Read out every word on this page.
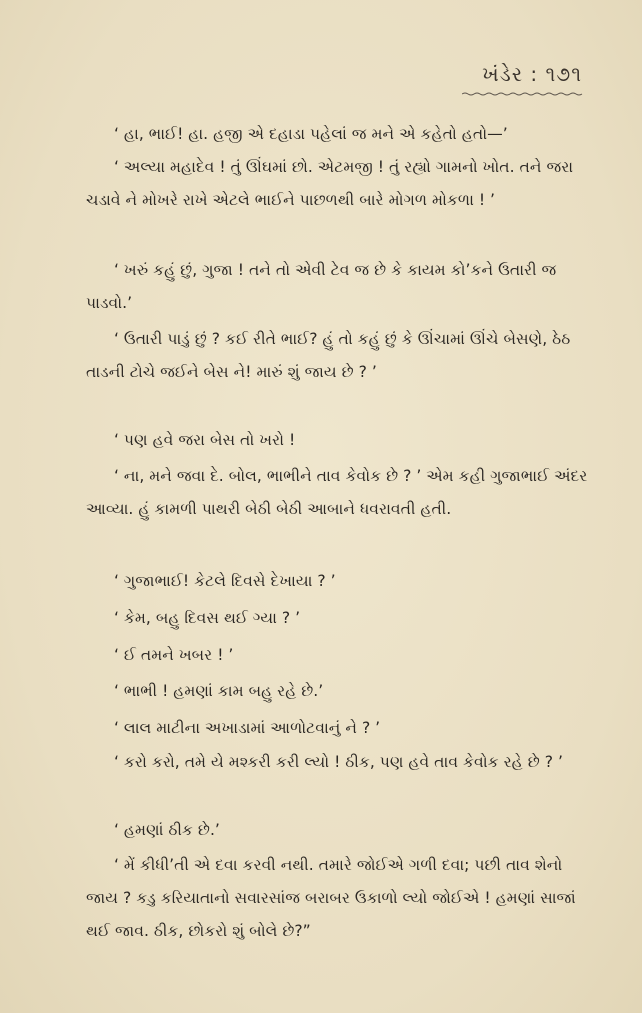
ખંડેર : ૧૭૧

‘ હા, ભાઈ! હા. હજી એ દહાડા પહેલાં જ મને એ કહેતો હતો—’

‘ અલ્યા મહાદેવ ! તું ઊંઘમાં છો. એટમજી ! તું રહ્યો ગામનો ખોત. તને જરા ચડાવે ને મોખરે રાખે એટલે ભાઈને પાછળથી બારે મોગળ મોકળા ! ’

‘ ખરું કહું છું, ગુજા ! તને તો એવી ટેવ જ છે કે કાયમ કો’કને ઉતારી જ પાડવો.’

‘ ઉતારી પાડું છું ? કઈ રીતે ભાઈ? હું તો કહું છું કે ઊંચામાં ઊંચે બેસણે, ઠેઠ તાડની ટોચે જઈને બેસ ને! મારું શું જાય છે ? ’

‘ પણ હવે જરા બેસ તો ખરો !

‘ ના, મને જવા દે. બોલ, ભાભીને તાવ કેવોક છે ? ’ એમ કહી ગુજાભાઈ અંદર આવ્યા. હું કામળી પાથરી બેઠી બેઠી આબાને ધવરાવતી હતી.

‘ ગુજાભાઈ! કેટલે દિવસે દેખાયા ? ’

‘ કેમ, બહુ દિવસ થઈ ગ્યા ? ’

‘ ઈ તમને ખબર ! ’

‘ ભાભી ! હમણાં કામ બહુ રહે છે.’

‘ લાલ માટીના અખાડામાં આળોટવાનું ને ? ’

‘ કરો કરો, તમે યે મશ્કરી કરી લ્યો ! ઠીક, પણ હવે તાવ કેવોક રહે છે ? ’

‘ હમણાં ઠીક છે.’

‘ મેં કીધી’તી એ દવા કરવી નથી. તમારે જોઈએ ગળી દવા; પછી તાવ શેનો જાય ? કડુ કરિયાતાનો સવારસાંજ બરાબર ઉકાળો લ્યો જોઈએ ! હમણાં સાજાં થઈ જાવ. ઠીક, છોકરો શું બોલે છે?”
